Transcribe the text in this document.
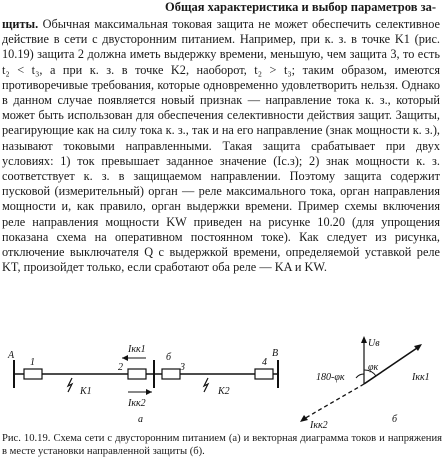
Общая характеристика и выбор параметров за-

щиты. Обычная максимальная токовая защита не может обеспечить селективное действие в сети с двусторонним питанием. Например, при к. з. в точке K1 (рис. 10.19) защита 2 должна иметь выдержку времени, меньшую, чем защита 3, то есть t₂ < t₃, а при к. з. в точке K2, наоборот, t₂ > t₃; таким образом, имеются противоречивые требования, которые одновременно удовлетворить нельзя. Однако в данном случае появляется новый признак — направление тока к. з., который может быть использован для обеспечения селективности действия защит. Защиты, реагирующие как на силу тока к. з., так и на его направление (знак мощности к. з.), называют токовыми направленными. Такая защита срабатывает при двух условиях: 1) ток превышает заданное значение (Iс.з); 2) знак мощности к. з. соответствует к. з. в защищаемом направлении. Поэтому защита содержит пусковой (измерительный) орган — реле максимального тока, орган направления мощности и, как правило, орган выдержки времени. Пример схемы включения реле направления мощности KW приведен на рисунке 10.20 (для упрощения показана схема на оперативном постоянном токе). Как следует из рисунка, отключение выключателя Q с выдержкой времени, определяемой уставкой реле KT, произойдет только, если сработают оба реле — KA и KW.

A	B
1	2	3	4
K1	K2
Iкк1
б
Iкк2
а
Uв
φк
180-φк	Iкк1
Iкк2
б
Рис. 10.19. Схема сети с двусторонним питанием (а) и векторная диаграмма токов и напряжения в месте установки направленной защиты (б).
